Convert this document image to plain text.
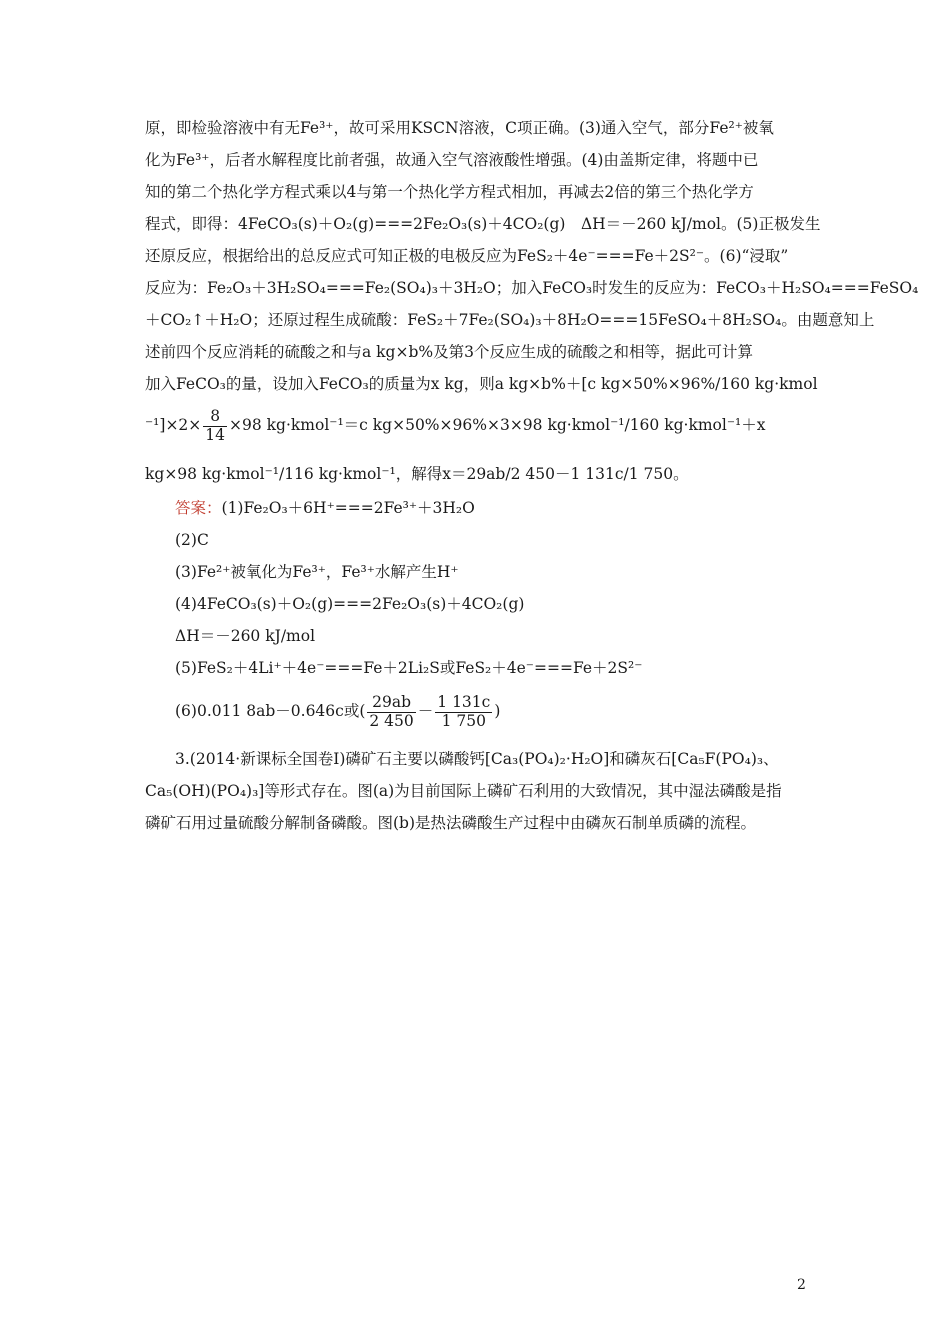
原，即检验溶液中有无Fe³⁺，故可采用KSCN溶液，C项正确。(3)通入空气，部分Fe²⁺被氧
化为Fe³⁺，后者水解程度比前者强，故通入空气溶液酸性增强。(4)由盖斯定律，将题中已
知的第二个热化学方程式乘以4与第一个热化学方程式相加，再减去2倍的第三个热化学方
程式，即得：4FeCO₃(s)＋O₂(g)===2Fe₂O₃(s)＋4CO₂(g)　ΔH＝－260 kJ/mol。(5)正极发生
还原反应，根据给出的总反应式可知正极的电极反应为FeS₂＋4e⁻===Fe＋2S²⁻。(6)“浸取”
反应为：Fe₂O₃＋3H₂SO₄===Fe₂(SO₄)₃＋3H₂O；加入FeCO₃时发生的反应为：FeCO₃＋H₂SO₄===FeSO₄
＋CO₂↑＋H₂O；还原过程生成硫酸：FeS₂＋7Fe₂(SO₄)₃＋8H₂O===15FeSO₄＋8H₂SO₄。由题意知上
述前四个反应消耗的硫酸之和与a kg×b%及第3个反应生成的硫酸之和相等，据此可计算
加入FeCO₃的量，设加入FeCO₃的质量为x kg，则a kg×b%＋[c kg×50%×96%/160 kg·kmol
$^{-1}]\times 2\times \frac{8}{14} \times 98$ kg·kmol⁻¹＝c kg×50%×96%×3×98 kg·kmol⁻¹/160 kg·kmol⁻¹＋x
kg×98 kg·kmol⁻¹/116 kg·kmol⁻¹，解得x＝29ab/2 450－1 131c/1 750。
答案：(1)Fe₂O₃＋6H⁺===2Fe³⁺＋3H₂O
(2)C
(3)Fe²⁺被氧化为Fe³⁺，Fe³⁺水解产生H⁺
(4)4FeCO₃(s)＋O₂(g)===2Fe₂O₃(s)＋4CO₂(g)
ΔH＝－260 kJ/mol
(5)FeS₂＋4Li⁺＋4e⁻===Fe＋2Li₂S或FeS₂＋4e⁻===Fe＋2S²⁻
(6)0.011 8ab－0.646c或( $\frac{29ab}{2 450} - \frac{1 131c}{1 750}$ )
3.(2014·新课标全国卷Ⅰ)磷矿石主要以磷酸钙[Ca₃(PO₄)₂·H₂O]和磷灰石[Ca₅F(PO₄)₃、
Ca₅(OH)(PO₄)₃]等形式存在。图(a)为目前国际上磷矿石利用的大致情况，其中湿法磷酸是指
磷矿石用过量硫酸分解制备磷酸。图(b)是热法磷酸生产过程中由磷灰石制单质磷的流程。
2
